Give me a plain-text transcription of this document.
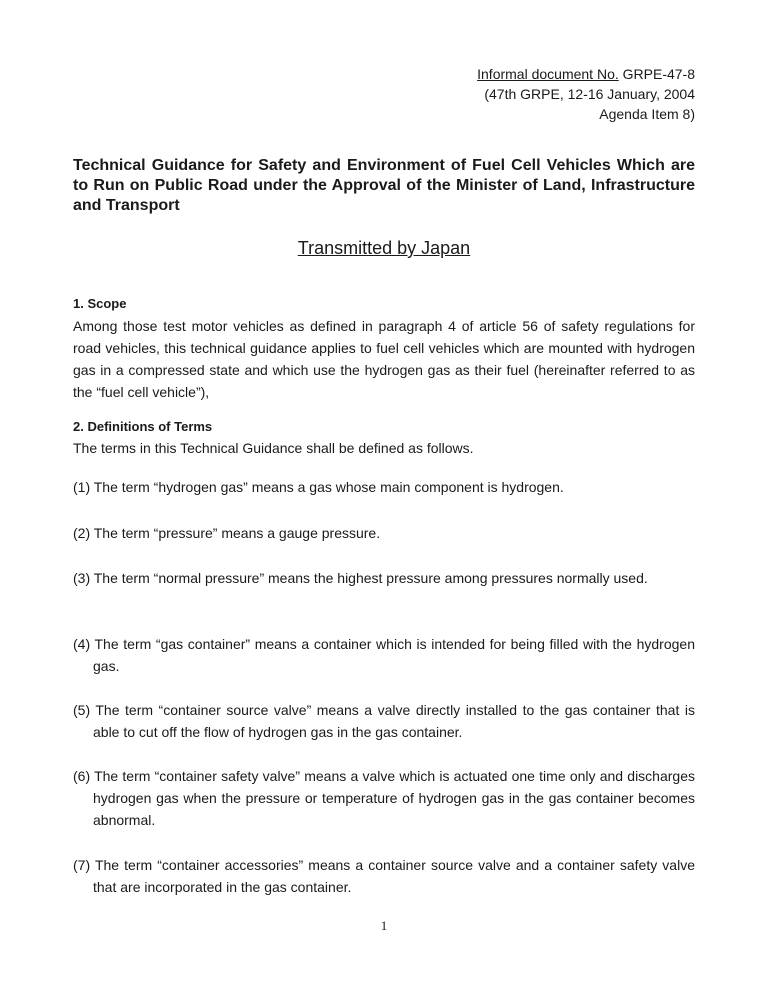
Informal document No. GRPE-47-8
(47th GRPE, 12-16 January, 2004
Agenda Item 8)
Technical Guidance for Safety and Environment of Fuel Cell Vehicles Which are to Run on Public Road under the Approval of the Minister of Land, Infrastructure and Transport
Transmitted by Japan
1. Scope
Among those test motor vehicles as defined in paragraph 4 of article 56 of safety regulations for road vehicles, this technical guidance applies to fuel cell vehicles which are mounted with hydrogen gas in a compressed state and which use the hydrogen gas as their fuel (hereinafter referred to as the “fuel cell vehicle”),
2. Definitions of Terms
The terms in this Technical Guidance shall be defined as follows.
(1) The term “hydrogen gas” means a gas whose main component is hydrogen.
(2) The term “pressure” means a gauge pressure.
(3) The term “normal pressure” means the highest pressure among pressures normally used.
(4) The term “gas container” means a container which is intended for being filled with the hydrogen gas.
(5) The term “container source valve” means a valve directly installed to the gas container that is able to cut off the flow of hydrogen gas in the gas container.
(6) The term “container safety valve” means a valve which is actuated one time only and discharges hydrogen gas when the pressure or temperature of hydrogen gas in the gas container becomes abnormal.
(7) The term “container accessories” means a container source valve and a container safety valve that are incorporated in the gas container.
1
